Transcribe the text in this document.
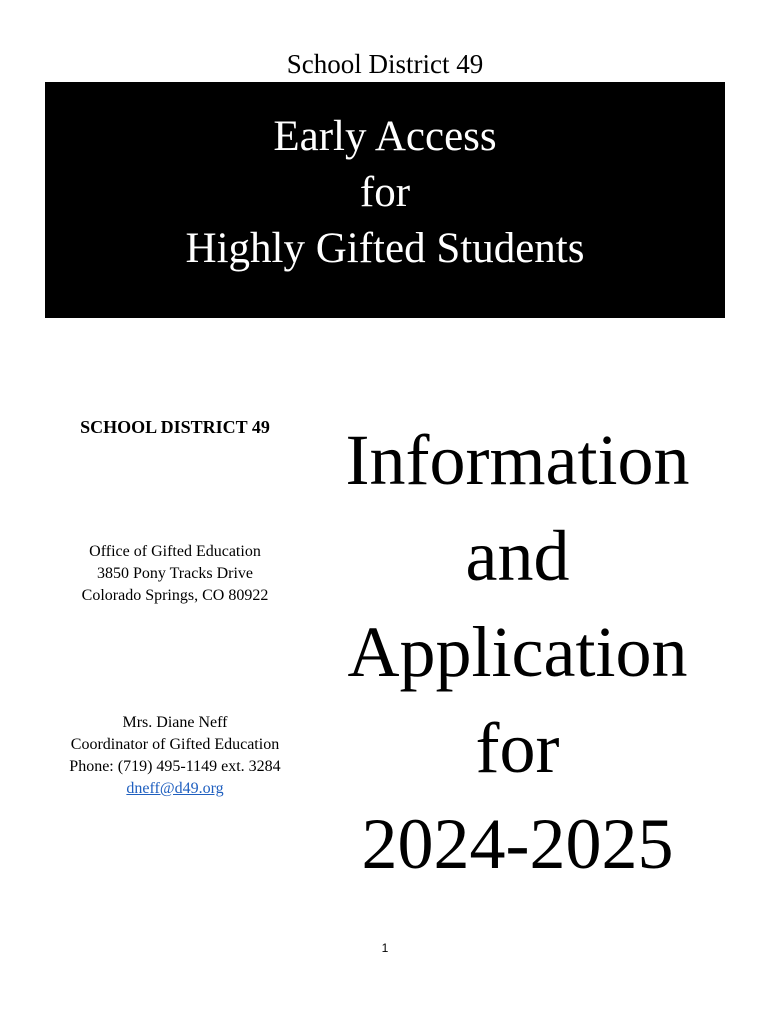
School District 49
Early Access
for
Highly Gifted Students
SCHOOL DISTRICT 49
Office of Gifted Education
3850 Pony Tracks Drive
Colorado Springs, CO 80922
Mrs. Diane Neff
Coordinator of Gifted Education
Phone: (719) 495-1149 ext. 3284
dneff@d49.org
Information
and
Application
for
2024-2025
1
